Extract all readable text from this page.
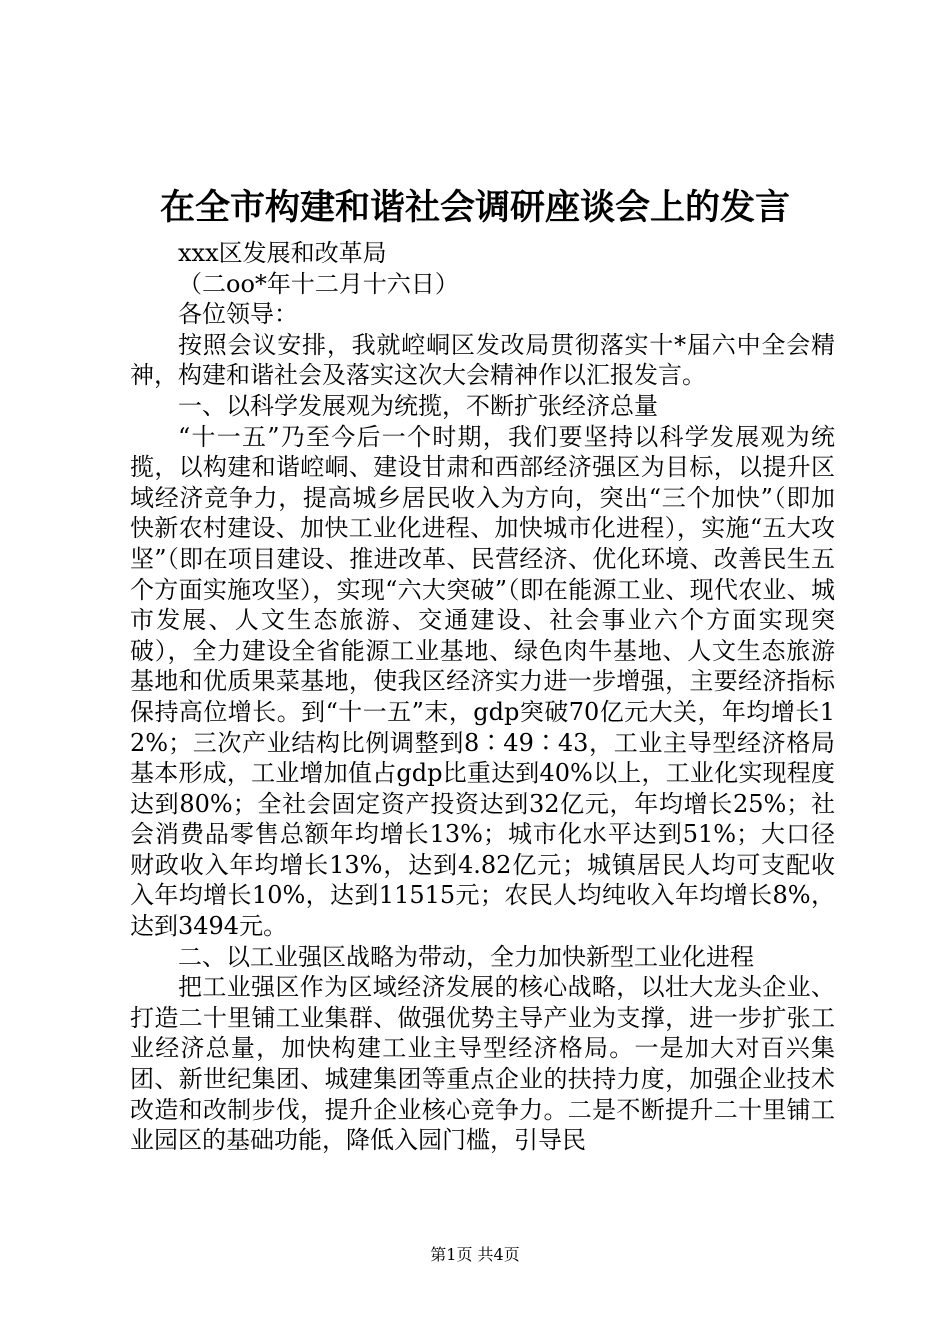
在全市构建和谐社会调研座谈会上的发言

xxx区发展和改革局

（二oo*年十二月十六日）

各位领导：

按照会议安排，我就崆峒区发改局贯彻落实十*届六中全会精神，构建和谐社会及落实这次大会精神作以汇报发言。

一、以科学发展观为统揽，不断扩张经济总量

“十一五”乃至今后一个时期，我们要坚持以科学发展观为统揽，以构建和谐崆峒、建设甘肃和西部经济强区为目标，以提升区域经济竞争力，提高城乡居民收入为方向，突出“三个加快”（即加快新农村建设、加快工业化进程、加快城市化进程），实施“五大攻坚”（即在项目建设、推进改革、民营经济、优化环境、改善民生五个方面实施攻坚），实现“六大突破”（即在能源工业、现代农业、城市发展、人文生态旅游、交通建设、社会事业六个方面实现突破），全力建设全省能源工业基地、绿色肉牛基地、人文生态旅游基地和优质果菜基地，使我区经济实力进一步增强，主要经济指标保持高位增长。到“十一五”末，gdp突破70亿元大关，年均增长12%；三次产业结构比例调整到8∶49∶43，工业主导型经济格局基本形成，工业增加值占gdp比重达到40%以上，工业化实现程度达到80%；全社会固定资产投资达到32亿元，年均增长25%；社会消费品零售总额年均增长13%；城市化水平达到51%；大口径财政收入年均增长13%，达到4.82亿元；城镇居民人均可支配收入年均增长10%，达到11515元；农民人均纯收入年均增长8%，达到3494元。

二、以工业强区战略为带动，全力加快新型工业化进程

把工业强区作为区域经济发展的核心战略，以壮大龙头企业、打造二十里铺工业集群、做强优势主导产业为支撑，进一步扩张工业经济总量，加快构建工业主导型经济格局。一是加大对百兴集团、新世纪集团、城建集团等重点企业的扶持力度，加强企业技术改造和改制步伐，提升企业核心竞争力。二是不断提升二十里铺工业园区的基础功能，降低入园门槛，引导民

第1页 共4页
